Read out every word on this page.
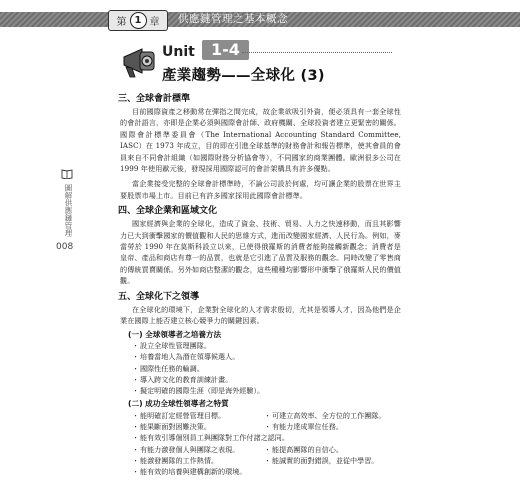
第 1 章 供應鏈管理之基本概念
Unit	1-4
產業趨勢——全球化 (3)
圖解供應鏈管理
008
三、全球會計標準

目前國際資產之移動常在彈指之間完成，故企業欲吸引外資，便必須具有一套全球性的會計語言，亦即是企業必須與國際會計師、政府機關、全球投資者建立更緊密的關係。國際會計標準委員會（The International Accounting Standard Committee, IASC）在 1973 年成立，目的即在引進全球基準的財務會計和報告標準，使其會員的會員來自不同會計組織（如國際財務分析協會等），不同國家的商業團體。歐洲很多公司在 1999 年使用歐元後，發現採用國際認可的會計架構具有許多優點。

當企業接受完整的全球會計標準時，不論公司設於何處，均可讓企業的股票在世界主要股票市場上市。目前已有許多國家採用此國際會計標準。

四、全球企業和區域文化

國家經濟與企業的全球化，造成了資金、技術、貿易、人力之快速移動，而且其影響力已大到衝擊國家的價值觀和人民的思維方式，進而改變國家經濟、人民行為。例如，麥當勞於 1990 年在莫斯科設立以來，已使得俄羅斯的消費者能夠接觸新觀念；消費者是皇帝、產品和商店有尊一的品質，也就是它引進了品質及服務的觀念。同時改變了零售商的傳統買賣關係。另外如商店整潔的觀念，這些種種均影響形中衝擊了俄羅斯人民的價值觀。

五、全球化下之領導

在全球化的環境下，企業對全球化的人才需求殷切，尤其是領導人才，因為他們是企業在國際上能否建立核心競爭力的關鍵因素。

(一) 全球領導者之培養方法
・ 設立全球性管理團隊。
・ 培養當地人為潛在領導候選人。
・ 國際性任務的輪調。
・ 導入跨文化的教育訓練計畫。
・ 擬定明確的國際生涯（即是海外經驗）。
(二) 成功全球性領導者之特質
・ 能明確訂定經營管理目標。
・ 能果斷面對困難決策。
・ 可建立高效率、全方位的工作團隊。
・ 有能力達成單位任務。
・ 能有效引導個別員工與團隊對工作付諸之認同。
・ 有能力激發個人與團隊之表現。
・ 能激發團隊的工作熱情。
・ 能提高團隊的自信心。
・ 能誠實的面對錯誤，並從中學習。
・ 能有效的培養與建構創新的環境。
